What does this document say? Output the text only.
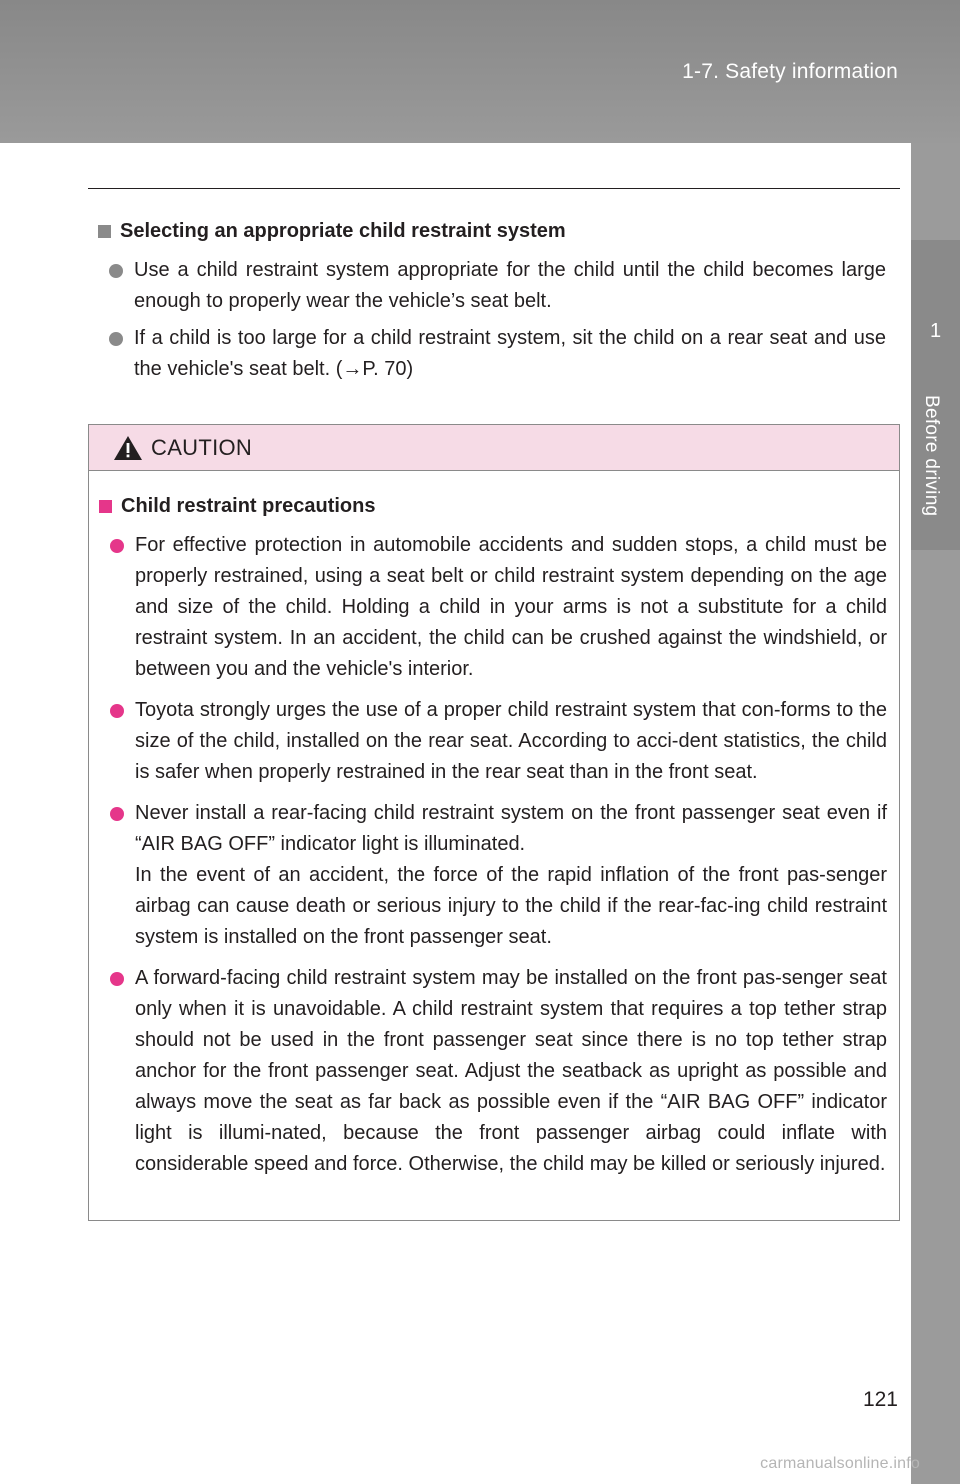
1-7. Safety information
1
Before driving
Selecting an appropriate child restraint system
Use a child restraint system appropriate for the child until the child becomes large enough to properly wear the vehicle’s seat belt.
If a child is too large for a child restraint system, sit the child on a rear seat and use the vehicle's seat belt. (→P. 70)
CAUTION
Child restraint precautions
For effective protection in automobile accidents and sudden stops, a child must be properly restrained, using a seat belt or child restraint system depending on the age and size of the child. Holding a child in your arms is not a substitute for a child restraint system. In an accident, the child can be crushed against the windshield, or between you and the vehicle's interior.
Toyota strongly urges the use of a proper child restraint system that con-forms to the size of the child, installed on the rear seat. According to acci-dent statistics, the child is safer when properly restrained in the rear seat than in the front seat.
Never install a rear-facing child restraint system on the front passenger seat even if “AIR BAG OFF” indicator light is illuminated.
In the event of an accident, the force of the rapid inflation of the front pas-senger airbag can cause death or serious injury to the child if the rear-fac-ing child restraint system is installed on the front passenger seat.
A forward-facing child restraint system may be installed on the front pas-senger seat only when it is unavoidable. A child restraint system that requires a top tether strap should not be used in the front passenger seat since there is no top tether strap anchor for the front passenger seat. Adjust the seatback as upright as possible and always move the seat as far back as possible even if the “AIR BAG OFF” indicator light is illumi-nated, because the front passenger airbag could inflate with considerable speed and force. Otherwise, the child may be killed or seriously injured.
121
carmanualsonline.info
